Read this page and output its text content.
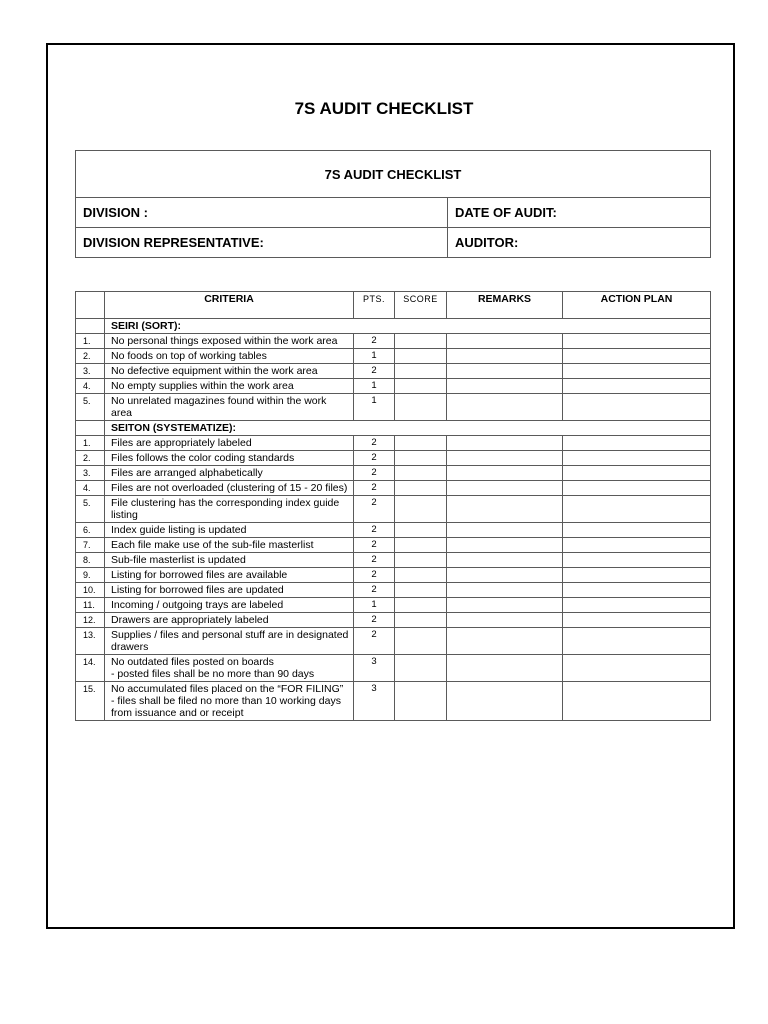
7S AUDIT CHECKLIST
7S AUDIT CHECKLIST	
DIVISION :	DATE OF AUDIT:
DIVISION REPRESENTATIVE:	AUDITOR:
	CRITERIA	PTS.	SCORE	REMARKS	ACTION PLAN
	SEIRI (SORT):				
1.	No personal things exposed within the work area	2			
2.	No foods on top of working tables	1			
3.	No defective equipment within the work area	2			
4.	No empty supplies within the work area	1			
5.	No unrelated magazines found within the work area	1			
	SEITON (SYSTEMATIZE):				
1.	Files are appropriately labeled	2			
2.	Files follows the color coding standards	2			
3.	Files are arranged alphabetically	2			
4.	Files are not overloaded (clustering of 15 - 20 files)	2			
5.	File clustering has the corresponding index guide listing	2			
6.	Index guide listing is updated	2			
7.	Each file make use of the sub-file masterlist	2			
8.	Sub-file masterlist is updated	2			
9.	Listing for borrowed files are available	2			
10.	Listing for borrowed files are updated	2			
11.	Incoming / outgoing trays are labeled	1			
12.	Drawers are appropriately labeled	2			
13.	Supplies / files and personal stuff are in designated drawers	2			
14.	No outdated files posted on boards
- posted files shall be no more than 90 days	3			
15.	No accumulated files placed on the “FOR FILING” - files shall be filed no more than 10 working days from issuance and or receipt	3			
